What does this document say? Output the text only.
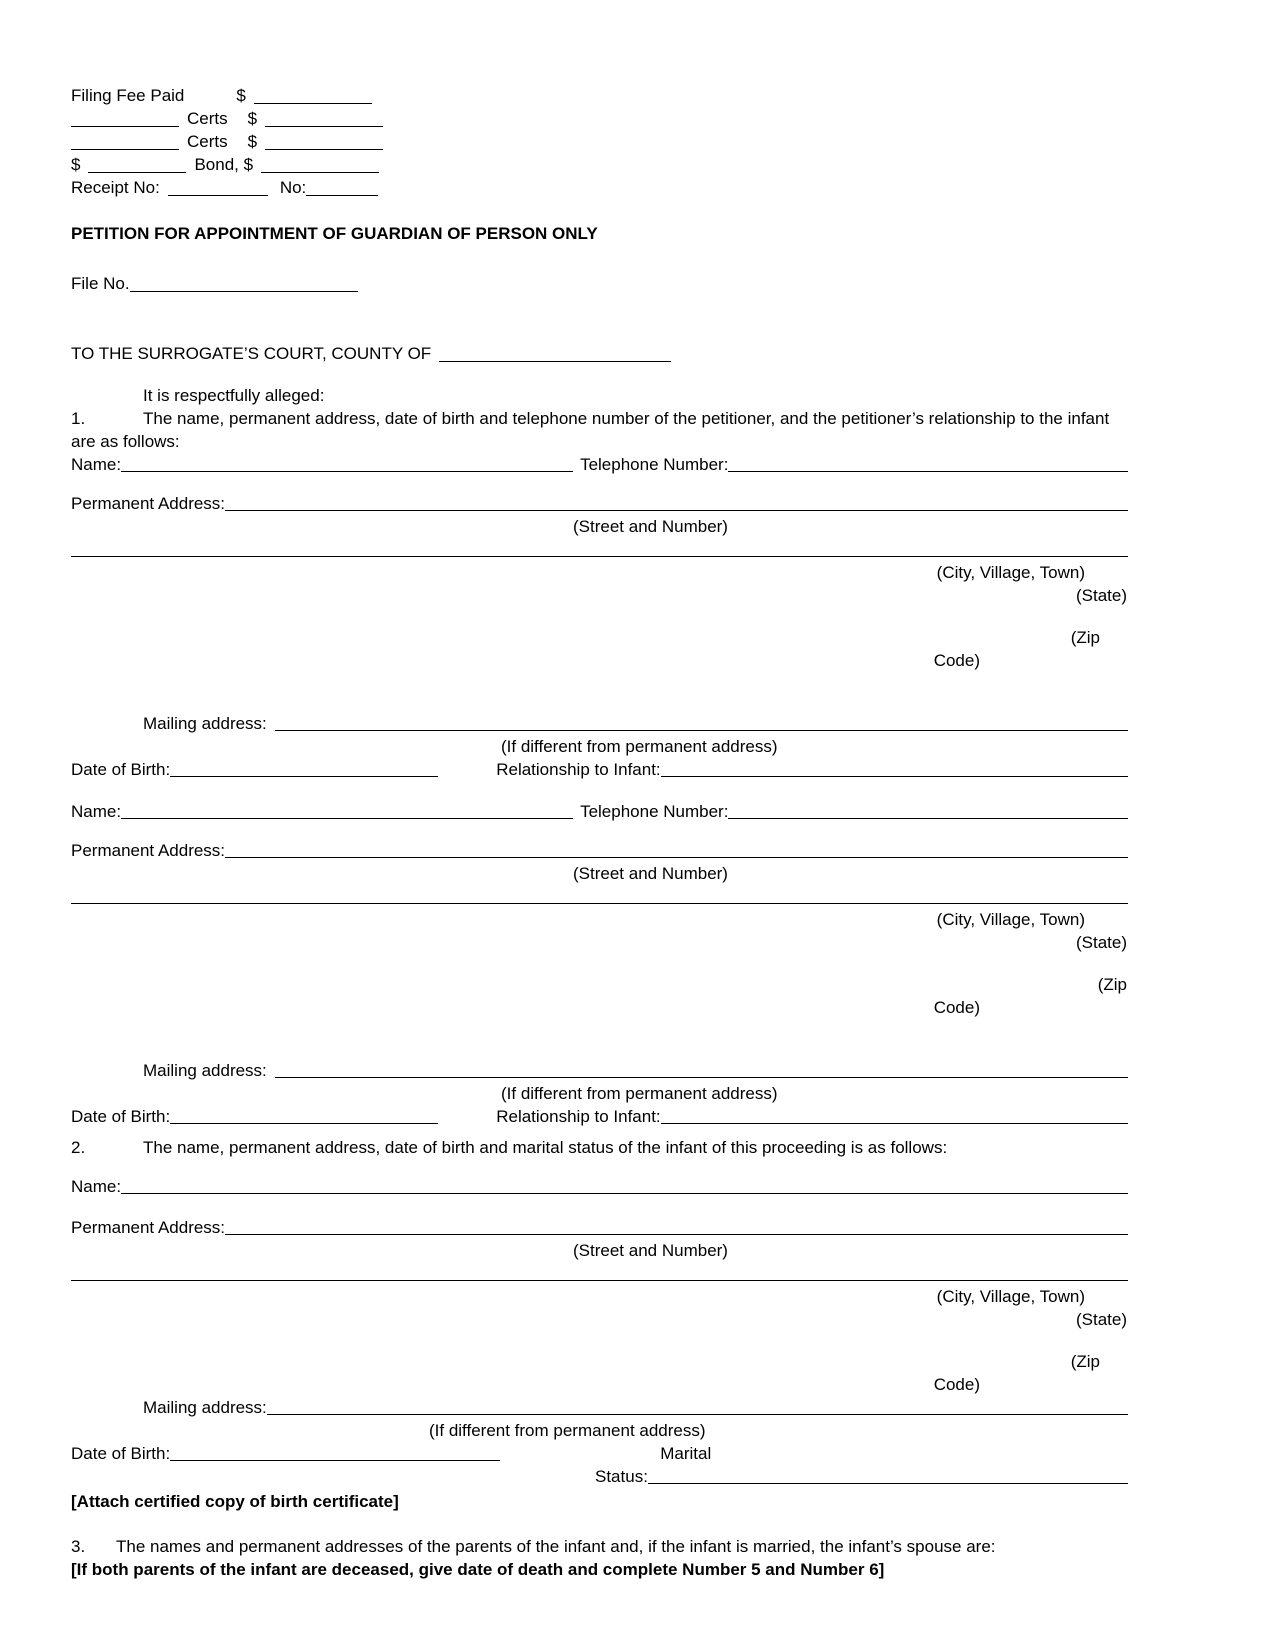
Filing Fee Paid	$
Certs $
Certs $
$	Bond, $
Receipt No:	No:
PETITION FOR APPOINTMENT OF GUARDIAN OF PERSON ONLY
File No.
TO THE SURROGATE’S COURT, COUNTY OF
It is respectfully alleged:
1.	The name, permanent address, date of birth and telephone number of the petitioner, and the petitioner’s relationship to the infant are as follows:
Name:	Telephone Number:
Permanent Address:
(Street and Number)
(City, Village, Town)
(State)
(Zip
Code)
Mailing address:
(If different from permanent address)
Date of Birth:	Relationship to Infant:
Name:	Telephone Number:
Permanent Address:
(Street and Number)
(City, Village, Town)
(State)
(Zip
Code)
Mailing address:
(If different from permanent address)
Date of Birth:	Relationship to Infant:
2.	The name, permanent address, date of birth and marital status of the infant of this proceeding is as follows:
Name:
Permanent Address:
(Street and Number)
(City, Village, Town)
(State)
(Zip
Code)
Mailing address:
(If different from permanent address)
Date of Birth:	Marital
Status:
[Attach certified copy of birth certificate]
3. The names and permanent addresses of the parents of the infant and, if the infant is married, the infant’s spouse are:
[If both parents of the infant are deceased, give date of death and complete Number 5 and Number 6]
